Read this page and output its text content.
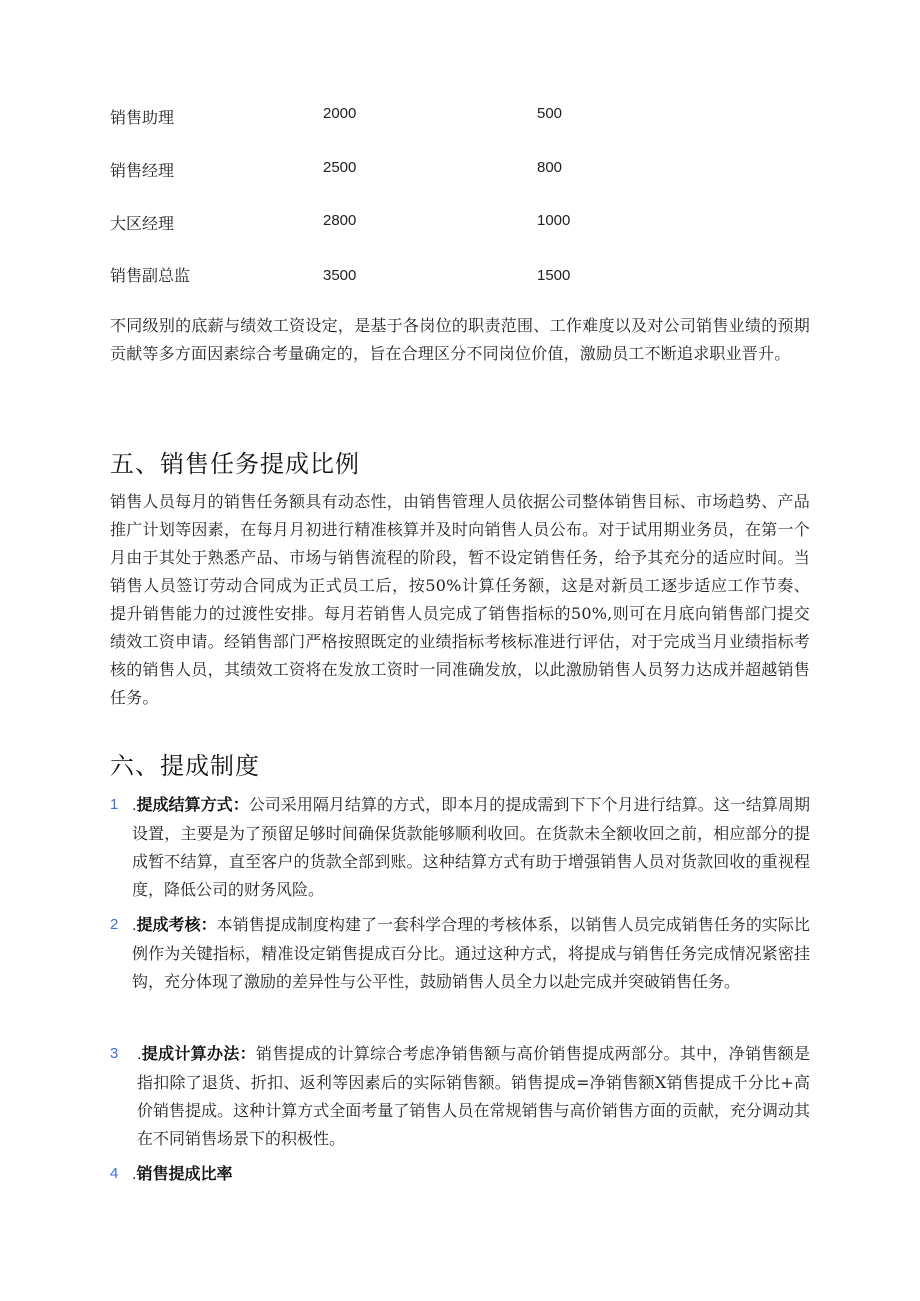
销售助理	2000	500
销售经理	2500	800
大区经理	2800	1000
销售副总监	3500	1500

不同级别的底薪与绩效工资设定，是基于各岗位的职责范围、工作难度以及对公司销售业绩的预期贡献等多方面因素综合考量确定的，旨在合理区分不同岗位价值，激励员工不断追求职业晋升。

五、销售任务提成比例

销售人员每月的销售任务额具有动态性，由销售管理人员依据公司整体销售目标、市场趋势、产品推广计划等因素，在每月月初进行精准核算并及时向销售人员公布。对于试用期业务员，在第一个月由于其处于熟悉产品、市场与销售流程的阶段，暂不设定销售任务，给予其充分的适应时间。当销售人员签订劳动合同成为正式员工后，按50%计算任务额，这是对新员工逐步适应工作节奏、提升销售能力的过渡性安排。每月若销售人员完成了销售指标的50%,则可在月底向销售部门提交绩效工资申请。经销售部门严格按照既定的业绩指标考核标准进行评估，对于完成当月业绩指标考核的销售人员，其绩效工资将在发放工资时一同准确发放，以此激励销售人员努力达成并超越销售任务。

六、提成制度
1 .提成结算方式：公司采用隔月结算的方式，即本月的提成需到下下个月进行结算。这一结算周期设置，主要是为了预留足够时间确保货款能够顺利收回。在货款未全额收回之前，相应部分的提成暂不结算，直至客户的货款全部到账。这种结算方式有助于增强销售人员对货款回收的重视程度，降低公司的财务风险。
2 .提成考核：本销售提成制度构建了一套科学合理的考核体系，以销售人员完成销售任务的实际比例作为关键指标，精准设定销售提成百分比。通过这种方式，将提成与销售任务完成情况紧密挂钩，充分体现了激励的差异性与公平性，鼓励销售人员全力以赴完成并突破销售任务。
3	.提成计算办法：销售提成的计算综合考虑净销售额与高价销售提成两部分。其中，净销售额是指扣除了退货、折扣、返利等因素后的实际销售额。销售提成=净销售额X销售提成千分比+高价销售提成。这种计算方式全面考量了销售人员在常规销售与高价销售方面的贡献，充分调动其在不同销售场景下的积极性。
4 .销售提成比率
